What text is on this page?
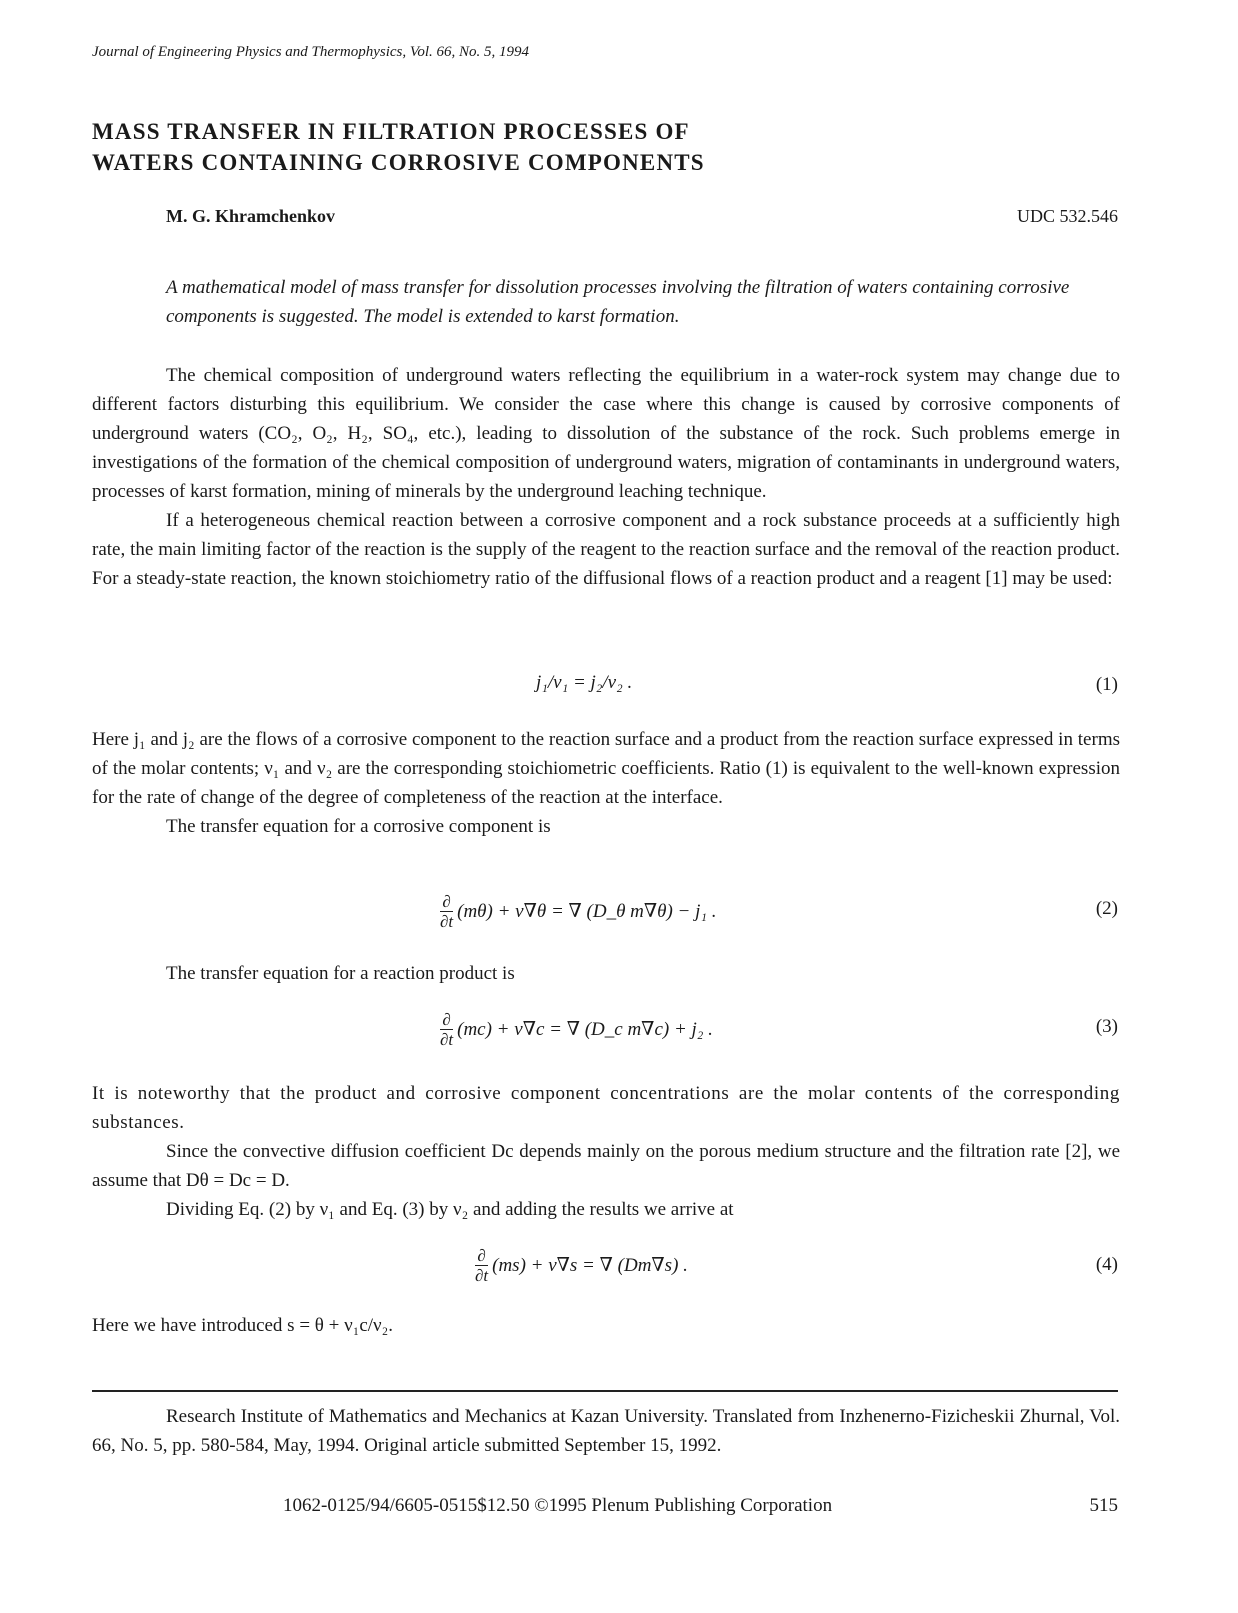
Journal of Engineering Physics and Thermophysics, Vol. 66, No. 5, 1994
MASS TRANSFER IN FILTRATION PROCESSES OF
WATERS CONTAINING CORROSIVE COMPONENTS
M. G. Khramchenkov	UDC 532.546
A mathematical model of mass transfer for dissolution processes involving the filtration of waters containing corrosive components is suggested. The model is extended to karst formation.

The chemical composition of underground waters reflecting the equilibrium in a water-rock system may change due to different factors disturbing this equilibrium. We consider the case where this change is caused by corrosive components of underground waters (CO₂, O₂, H₂, SO₄, etc.), leading to dissolution of the substance of the rock. Such problems emerge in investigations of the formation of the chemical composition of underground waters, migration of contaminants in underground waters, processes of karst formation, mining of minerals by the underground leaching technique.

If a heterogeneous chemical reaction between a corrosive component and a rock substance proceeds at a sufficiently high rate, the main limiting factor of the reaction is the supply of the reagent to the reaction surface and the removal of the reaction product. For a steady-state reaction, the known stoichiometry ratio of the diffusional flows of a reaction product and a reagent [1] may be used:

j₁/ν₁ = j₂/ν₂ .	(1)

Here j₁ and j₂ are the flows of a corrosive component to the reaction surface and a product from the reaction surface expressed in terms of the molar contents; ν₁ and ν₂ are the corresponding stoichiometric coefficients. Ratio (1) is equivalent to the well-known expression for the rate of change of the degree of completeness of the reaction at the interface.

The transfer equation for a corrosive component is

$\frac{\partial}{\partial t} (m\theta) + \nu\nabla\theta$ = ∇ (D_θ m∇θ) − j₁ .	(2)

The transfer equation for a reaction product is

$\frac{\partial}{\partial t} (mc) + \nu\nabla c$ = ∇ (D_c m∇c) + j₂ .	(3)

It is noteworthy that the product and corrosive component concentrations are the molar contents of the corresponding substances.

Since the convective diffusion coefficient Dc depends mainly on the porous medium structure and the filtration rate [2], we assume that Dθ = Dc = D.

Dividing Eq. (2) by ν₁ and Eq. (3) by ν₂ and adding the results we arrive at

$\frac{\partial}{\partial t} (ms) + \nu\nabla s$ = ∇ (Dm∇s) .	(4)

Here we have introduced s = θ + ν₁c/ν₂.

Research Institute of Mathematics and Mechanics at Kazan University. Translated from Inzhenerno-Fizicheskii Zhurnal, Vol. 66, No. 5, pp. 580-584, May, 1994. Original article submitted September 15, 1992.
1062-0125/94/6605-0515$12.50 ©1995 Plenum Publishing Corporation	515
